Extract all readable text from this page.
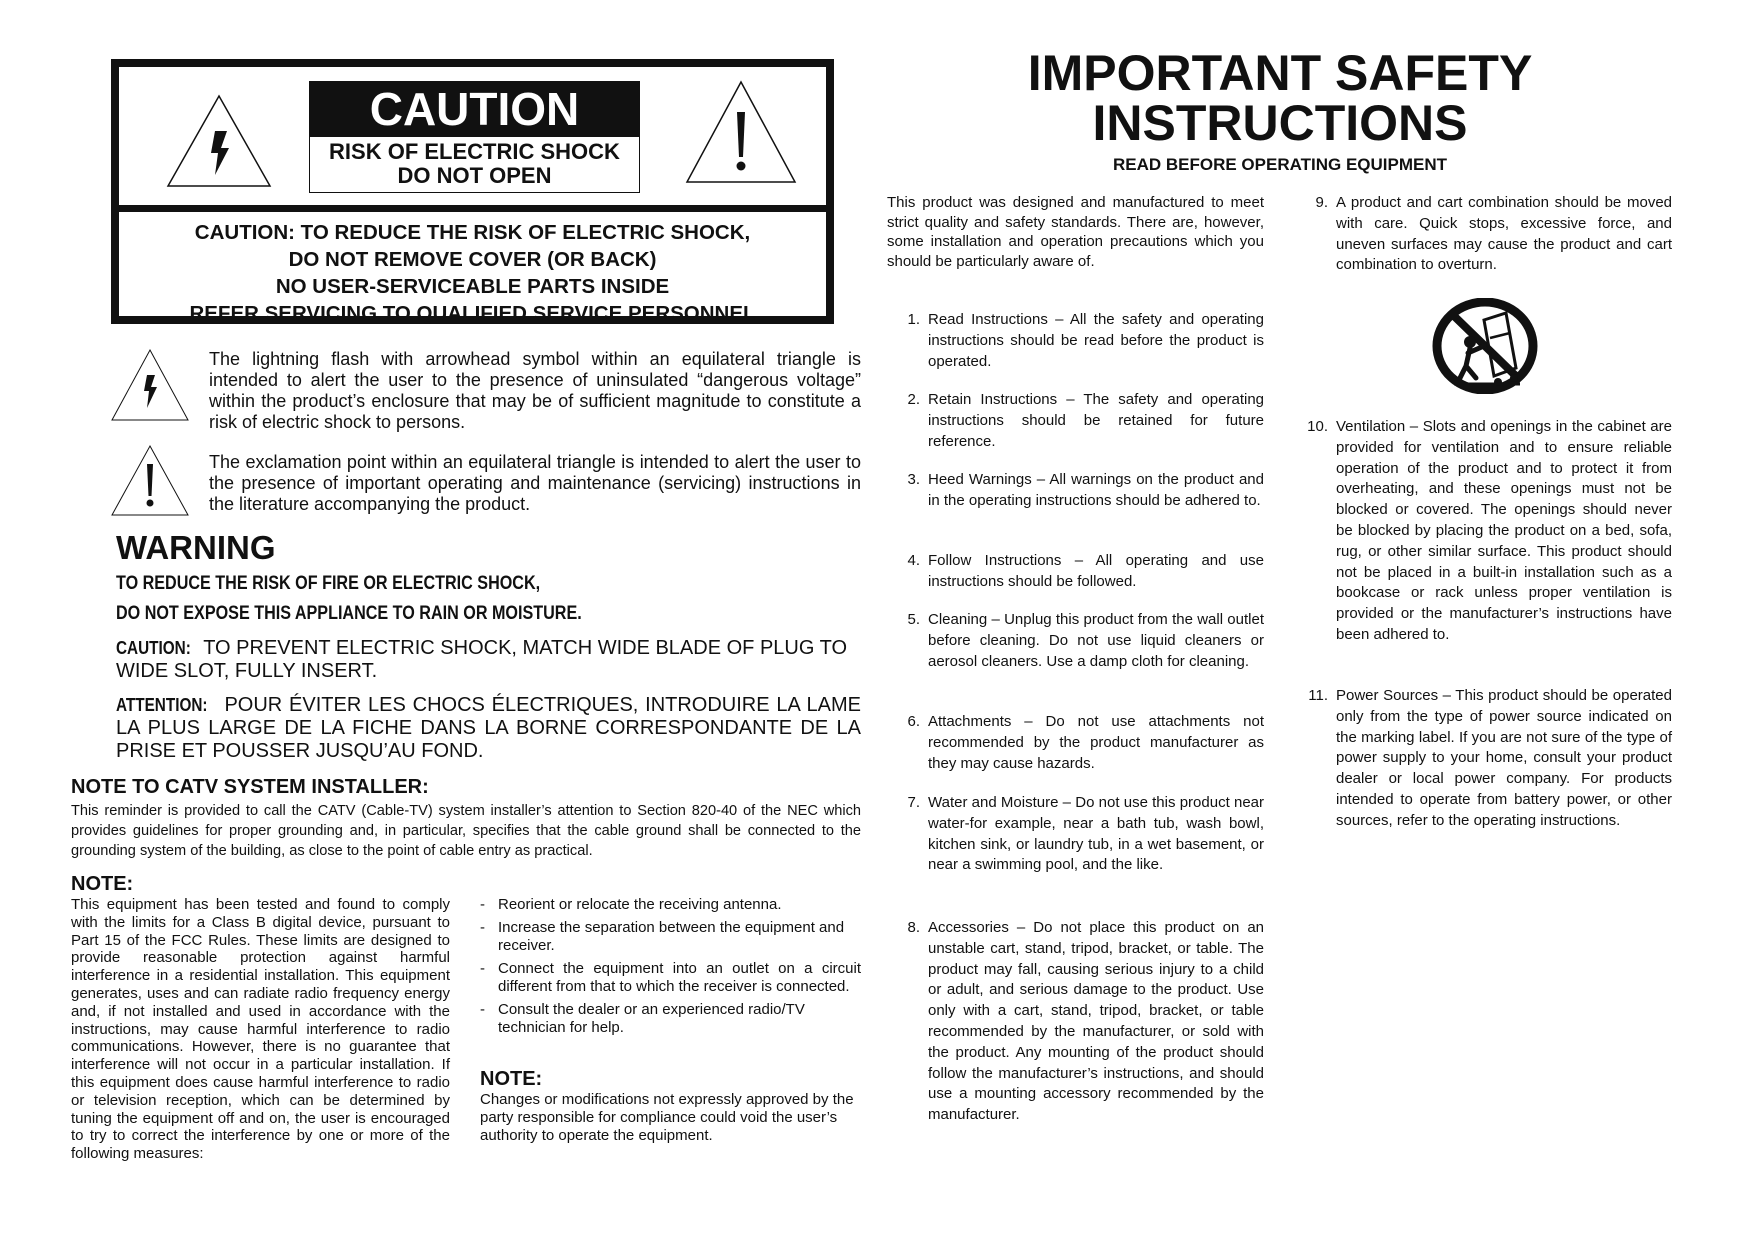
CAUTION
RISK OF ELECTRIC SHOCK
DO NOT OPEN
CAUTION: TO REDUCE THE RISK OF ELECTRIC SHOCK,
DO NOT REMOVE COVER (OR BACK)
NO USER-SERVICEABLE PARTS INSIDE
REFER SERVICING TO QUALIFIED SERVICE PERSONNEL
The lightning flash with arrowhead symbol within an equilateral triangle is intended to alert the user to the presence of uninsulated “dangerous voltage” within the product’s enclosure that may be of sufficient magnitude to constitute a risk of electric shock to persons.
The exclamation point within an equilateral triangle is intended to alert the user to the presence of important operating and maintenance (servicing) instructions in the literature accompanying the product.
WARNING
TO REDUCE THE RISK OF FIRE OR ELECTRIC SHOCK,
DO NOT EXPOSE THIS APPLIANCE TO RAIN OR MOISTURE.
CAUTION: TO PREVENT ELECTRIC SHOCK, MATCH WIDE BLADE OF PLUG TO WIDE SLOT, FULLY INSERT.
ATTENTION: POUR ÉVITER LES CHOCS ÉLECTRIQUES, INTRODUIRE LA LAME LA PLUS LARGE DE LA FICHE DANS LA BORNE CORRESPONDANTE DE LA PRISE ET POUSSER JUSQU’AU FOND.
NOTE TO CATV SYSTEM INSTALLER:
This reminder is provided to call the CATV (Cable-TV) system installer’s attention to Section 820-40 of the NEC which provides guidelines for proper grounding and, in particular, specifies that the cable ground shall be connected to the grounding system of the building, as close to the point of cable entry as practical.
NOTE:
This equipment has been tested and found to comply with the limits for a Class B digital device, pursuant to Part 15 of the FCC Rules. These limits are designed to provide reasonable protection against harmful interference in a residential installation. This equipment generates, uses and can radiate radio frequency energy and, if not installed and used in accordance with the instructions, may cause harmful interference to radio communications. However, there is no guarantee that interference will not occur in a particular installation. If this equipment does cause harmful interference to radio or television reception, which can be determined by tuning the equipment off and on, the user is encouraged to try to correct the interference by one or more of the following measures:
- Reorient or relocate the receiving antenna.
- Increase the separation between the equipment and receiver.
- Connect the equipment into an outlet on a circuit different from that to which the receiver is connected.
- Consult the dealer or an experienced radio/TV technician for help.
NOTE:
Changes or modifications not expressly approved by the party responsible for compliance could void the user’s authority to operate the equipment.
IMPORTANT SAFETY
INSTRUCTIONS
READ BEFORE OPERATING EQUIPMENT
This product was designed and manufactured to meet strict quality and safety standards. There are, however, some installation and operation precautions which you should be particularly aware of.
1. Read Instructions – All the safety and operating instructions should be read before the product is operated.
2. Retain Instructions – The safety and operating instructions should be retained for future reference.
3. Heed Warnings – All warnings on the product and in the operating instructions should be adhered to.
4. Follow Instructions – All operating and use instructions should be followed.
5. Cleaning – Unplug this product from the wall outlet before cleaning. Do not use liquid cleaners or aerosol cleaners. Use a damp cloth for cleaning.
6. Attachments – Do not use attachments not recommended by the product manufacturer as they may cause hazards.
7. Water and Moisture – Do not use this product near water-for example, near a bath tub, wash bowl, kitchen sink, or laundry tub, in a wet basement, or near a swimming pool, and the like.
8. Accessories – Do not place this product on an unstable cart, stand, tripod, bracket, or table. The product may fall, causing serious injury to a child or adult, and serious damage to the product. Use only with a cart, stand, tripod, bracket, or table recommended by the manufacturer, or sold with the product. Any mounting of the product should follow the manufacturer’s instructions, and should use a mounting accessory recommended by the manufacturer.
9. A product and cart combination should be moved with care. Quick stops, excessive force, and uneven surfaces may cause the product and cart combination to overturn.
10. Ventilation – Slots and openings in the cabinet are provided for ventilation and to ensure reliable operation of the product and to protect it from overheating, and these openings must not be blocked or covered. The openings should never be blocked by placing the product on a bed, sofa, rug, or other similar surface. This product should not be placed in a built-in installation such as a bookcase or rack unless proper ventilation is provided or the manufacturer’s instructions have been adhered to.
11. Power Sources – This product should be operated only from the type of power source indicated on the marking label. If you are not sure of the type of power supply to your home, consult your product dealer or local power company. For products intended to operate from battery power, or other sources, refer to the operating instructions.
